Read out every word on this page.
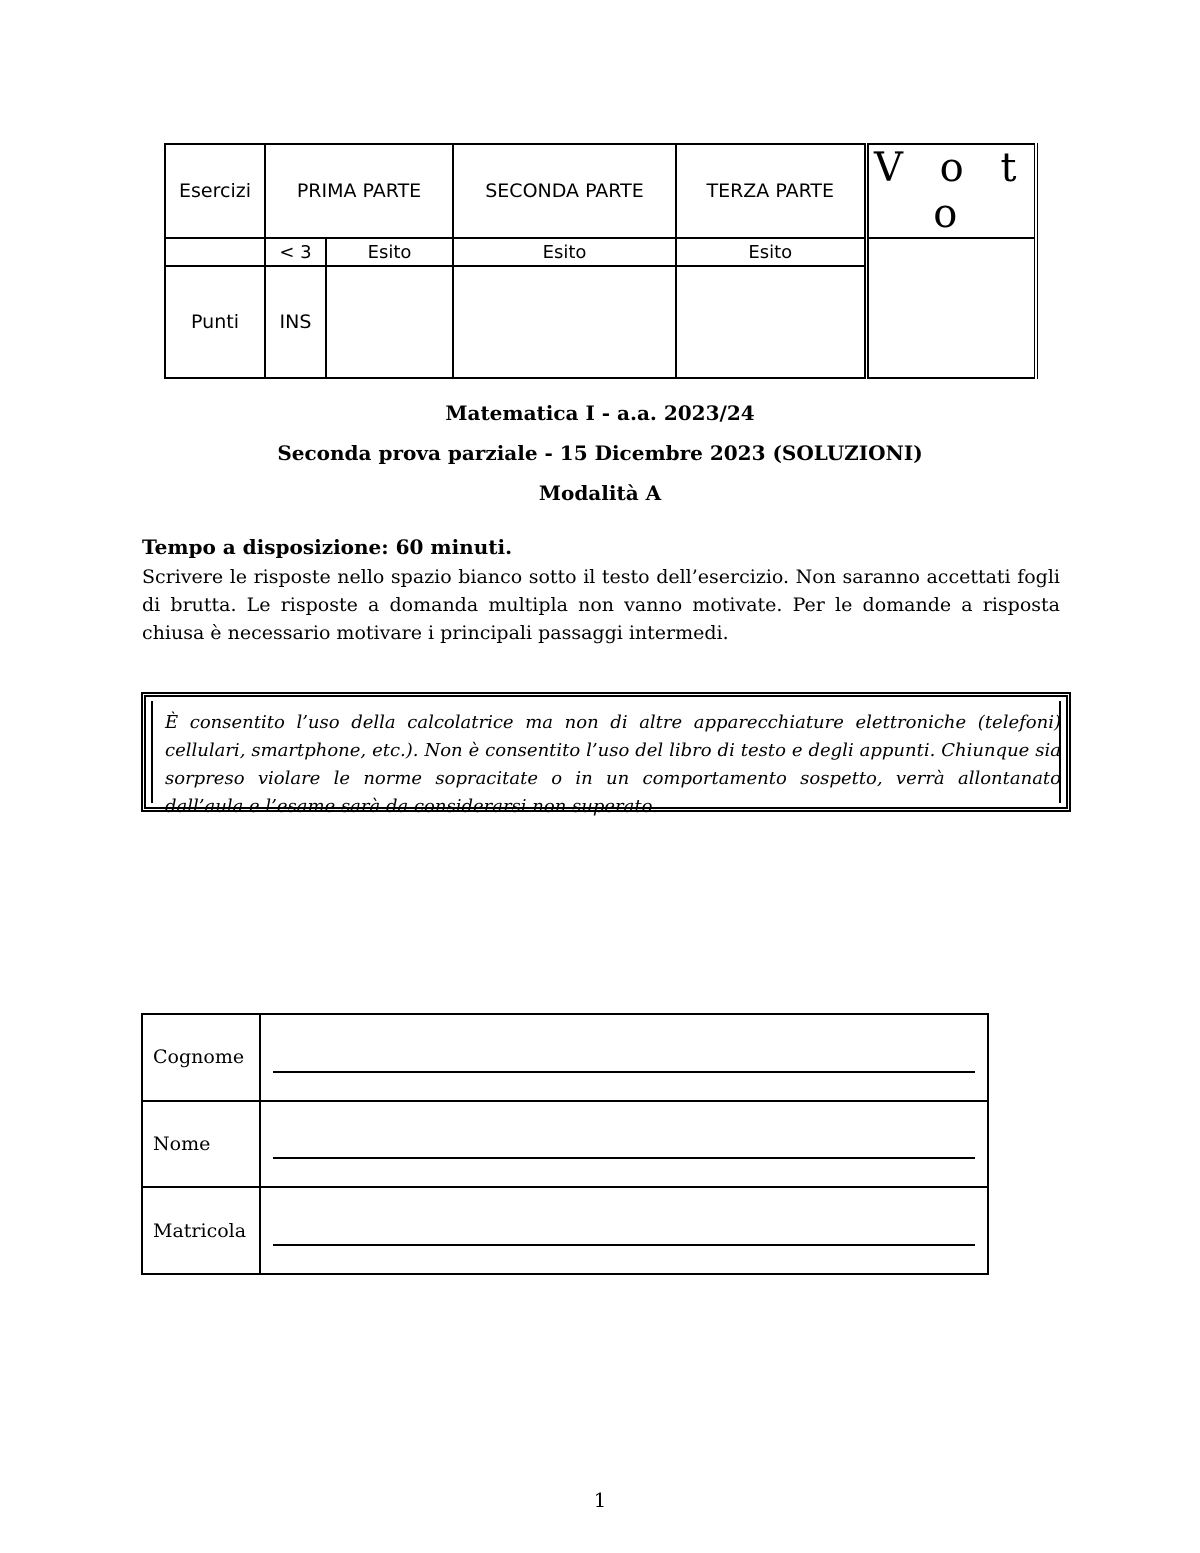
Esercizi	PRIMA PARTE		SECONDA PARTE	TERZA PARTE	V o t o
	< 3	Esito	Esito	Esito	
Punti	INS				
Matematica I - a.a. 2023/24
Seconda prova parziale - 15 Dicembre 2023 (SOLUZIONI)
Modalità A
Tempo a disposizione: 60 minuti.
Scrivere le risposte nello spazio bianco sotto il testo dell’esercizio. Non saranno accettati fogli di brutta. Le risposte a domanda multipla non vanno motivate. Per le domande a risposta chiusa è necessario motivare i principali passaggi intermedi.
È consentito l’uso della calcolatrice ma non di altre apparecchiature elettroniche (telefoni) cellulari, smartphone, etc.). Non è consentito l’uso del libro di testo e degli appunti. Chiunque sia sorpreso violare le norme sopracitate o in un comportamento sospetto, verrà allontanato dall’aula e l’esame sarà da considerarsi non superato.
Cognome	

Nome	

Matricola	
1
